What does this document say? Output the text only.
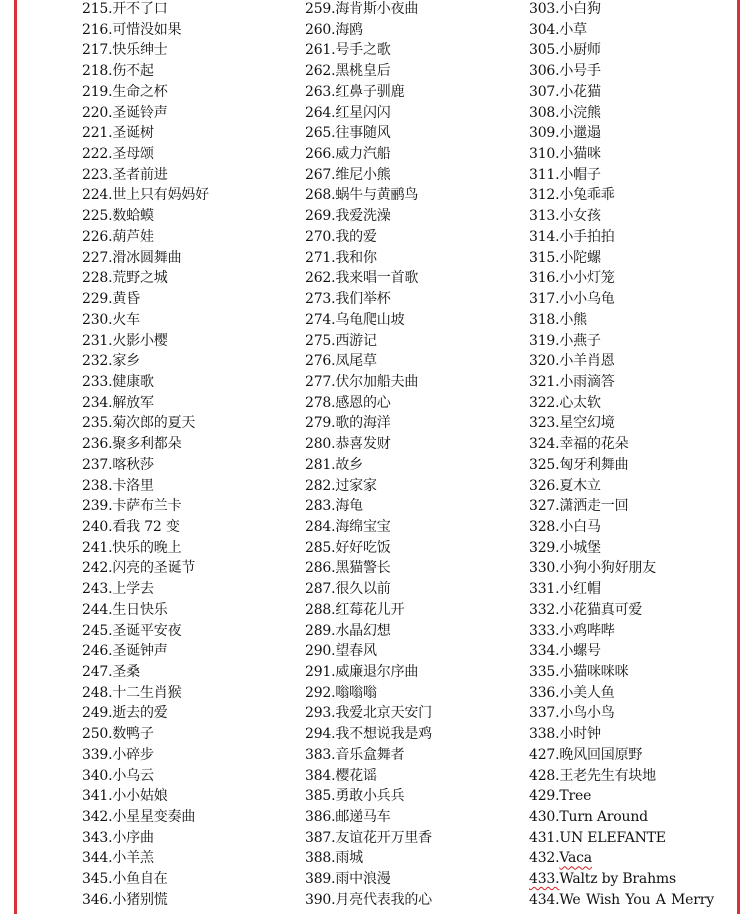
215.开不了口
216.可惜没如果
217.快乐绅士
218.伤不起
219.生命之杯
220.圣诞铃声
221.圣诞树
222.圣母颂
223.圣者前进
224.世上只有妈妈好
225.数蛤蟆
226.葫芦娃
227.滑冰圆舞曲
228.荒野之城
229.黄昏
230.火车
231.火影小樱
232.家乡
233.健康歌
234.解放军
235.菊次郎的夏天
236.聚多利都朵
237.喀秋莎
238.卡洛里
239.卡萨布兰卡
240.看我 72 变
241.快乐的晚上
242.闪亮的圣诞节
243.上学去
244.生日快乐
245.圣诞平安夜
246.圣诞钟声
247.圣桑
248.十二生肖猴
249.逝去的爱
250.数鸭子
339.小碎步
340.小乌云
341.小小姑娘
342.小星星变奏曲
343.小序曲
344.小羊羔
345.小鱼自在
346.小猪别慌
259.海肯斯小夜曲
260.海鸥
261.号手之歌
262.黑桃皇后
263.红鼻子驯鹿
264.红星闪闪
265.往事随风
266.威力汽船
267.维尼小熊
268.蜗牛与黄鹂鸟
269.我爱洗澡
270.我的爱
271.我和你
262.我来唱一首歌
273.我们举杯
274.乌龟爬山坡
275.西游记
276.凤尾草
277.伏尔加船夫曲
278.感恩的心
279.歌的海洋
280.恭喜发财
281.故乡
282.过家家
283.海龟
284.海绵宝宝
285.好好吃饭
286.黑猫警长
287.很久以前
288.红莓花儿开
289.水晶幻想
290.望春风
291.威廉退尔序曲
292.嗡嗡嗡
293.我爱北京天安门
294.我不想说我是鸡
383.音乐盒舞者
384.樱花谣
385.勇敢小兵兵
386.邮递马车
387.友谊花开万里香
388.雨城
389.雨中浪漫
390.月亮代表我的心
303.小白狗
304.小草
305.小厨师
306.小号手
307.小花猫
308.小浣熊
309.小邋遢
310.小猫咪
311.小帽子
312.小兔乖乖
313.小女孩
314.小手拍拍
315.小陀螺
316.小小灯笼
317.小小乌龟
318.小熊
319.小燕子
320.小羊肖恩
321.小雨滴答
322.心太软
323.星空幻境
324.幸福的花朵
325.匈牙利舞曲
326.夏木立
327.潇洒走一回
328.小白马
329.小城堡
330.小狗小狗好朋友
331.小红帽
332.小花猫真可爱
333.小鸡哔哔
334.小螺号
335.小猫咪咪咪
336.小美人鱼
337.小鸟小鸟
338.小时钟
427.晚风回国原野
428.王老先生有块地
429.Tree
430.Turn Around
431.UN ELEFANTE
432.Vaca
433.Waltz by Brahms
434.We Wish You A Merry
